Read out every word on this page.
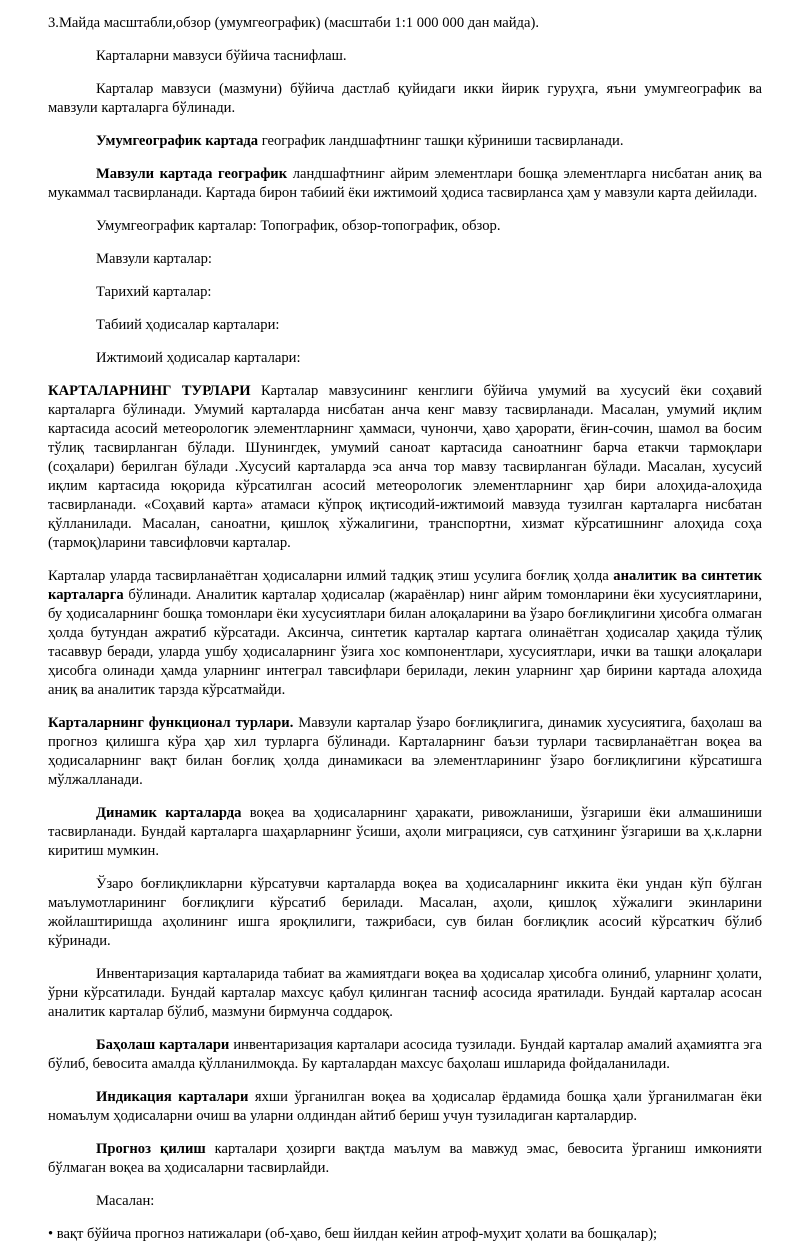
3.Майда масштабли,обзор (умумгеографик) (масштаби 1:1 000 000 дан майда).

Карталарни мавзуси бўйича таснифлаш.

Карталар мавзуси (мазмуни) бўйича дастлаб қуйидаги икки йирик гуруҳга, яъни умумгеографик ва мавзули карталарга бўлинади.

Умумгеографик картада географик ландшафтнинг ташқи кўриниши тасвирланади.

Мавзули картада географик ландшафтнинг айрим элементлари бошқа элементларга нисбатан аниқ ва мукаммал тасвирланади. Картада бирон табиий ёки ижтимоий ҳодиса тасвирланса ҳам у мавзули карта дейилади.

Умумгеографик карталар: Топографик, обзор-топографик, обзор.

Мавзули карталар:

Тарихий карталар:

Табиий ҳодисалар карталари:

Ижтимоий ҳодисалар карталари:

КАРТАЛАРНИНГ ТУРЛАРИ Карталар мавзусининг кенглиги бўйича умумий ва хусусий ёки соҳавий карталарга бўлинади. Умумий карталарда нисбатан анча кенг мавзу тасвирланади. Масалан, умумий иқлим картасида асосий метеорологик элементларнинг ҳаммаси, чунончи, ҳаво ҳарорати, ёғин-сочин, шамол ва босим тўлиқ тасвирланган бўлади. Шунингдек, умумий саноат картасида саноатнинг барча етакчи тармоқлари (соҳалари) берилган бўлади .Хусусий карталарда эса анча тор мавзу тасвирланган бўлади. Масалан, хусусий иқлим картасида юқорида кўрсатилган асосий метеорологик элементларнинг ҳар бири алоҳида-алоҳида тасвирланади. «Соҳавий карта» атамаси кўпроқ иқтисодий-ижтимоий мавзуда тузилган карталарга нисбатан қўлланилади. Масалан, саноатни, қишлоқ хўжалигини, транспортни, хизмат кўрсатишнинг алоҳида соҳа (тармоқ)ларини тавсифловчи карталар.

Карталар уларда тасвирланаётган ҳодисаларни илмий тадқиқ этиш усулига боғлиқ ҳолда аналитик ва синтетик карталарга бўлинади. Аналитик карталар ҳодисалар (жараёнлар) нинг айрим томонларини ёки хусусиятларини, бу ҳодисаларнинг бошқа томонлари ёки хусусиятлари билан алоқаларини ва ўзаро боғлиқлигини ҳисобга олмаган ҳолда бутундан ажратиб кўрсатади. Аксинча, синтетик карталар картага олинаётган ҳодисалар ҳақида тўлиқ тасаввур беради, уларда ушбу ҳодисаларнинг ўзига хос компонентлари, хусусиятлари, ички ва ташқи алоқалари ҳисобга олинади ҳамда уларнинг интеграл тавсифлари берилади, лекин уларнинг ҳар бирини картада алоҳида аниқ ва аналитик тарзда кўрсатмайди.

Карталарнинг функционал турлари. Мавзули карталар ўзаро боғлиқлигига, динамик хусусиятига, баҳолаш ва прогноз қилишга кўра ҳар хил турларга бўлинади. Карталарнинг баъзи турлари тасвирланаётган воқеа ва ҳодисаларнинг вақт билан боғлиқ ҳолда динамикаси ва элементларининг ўзаро боғлиқлигини кўрсатишга мўлжалланади.

Динамик карталарда воқеа ва ҳодисаларнинг ҳаракати, ривожланиши, ўзгариши ёки алмашиниши тасвирланади. Бундай карталарга шаҳарларнинг ўсиши, аҳоли миграцияси, сув сатҳининг ўзгариши ва ҳ.к.ларни киритиш мумкин.

Ўзаро боғлиқликларни кўрсатувчи карталарда воқеа ва ҳодисаларнинг иккита ёки ундан кўп бўлган маълумотларининг боғлиқлиги кўрсатиб берилади. Масалан, аҳоли, қишлоқ хўжалиги экинларини жойлаштиришда аҳолининг ишга яроқлилиги, тажрибаси, сув билан боғлиқлик асосий кўрсаткич бўлиб кўринади.

Инвентаризация карталарида табиат ва жамиятдаги воқеа ва ҳодисалар ҳисобга олиниб, уларнинг ҳолати, ўрни кўрсатилади. Бундай карталар махсус қабул қилинган тасниф асосида яратилади. Бундай карталар асосан аналитик карталар бўлиб, мазмуни бирмунча соддароқ.

Баҳолаш карталари инвентаризация карталари асосида тузилади. Бундай карталар амалий аҳамиятга эга бўлиб, бевосита амалда қўлланилмоқда. Бу карталардан махсус баҳолаш ишларида фойдаланилади.

Индикация карталари яхши ўрганилган воқеа ва ҳодисалар ёрдамида бошқа ҳали ўрганилмаган ёки номаълум ҳодисаларни очиш ва уларни олдиндан айтиб бериш учун тузиладиган карталардир.

Прогноз қилиш карталари ҳозирги вақтда маълум ва мавжуд эмас, бевосита ўрганиш имконияти бўлмаган воқеа ва ҳодисаларни тасвирлайди.

Масалан:

• вақт бўйича прогноз натижалари (об-ҳаво, беш йилдан кейин атроф-муҳит ҳолати ва бошқалар);
